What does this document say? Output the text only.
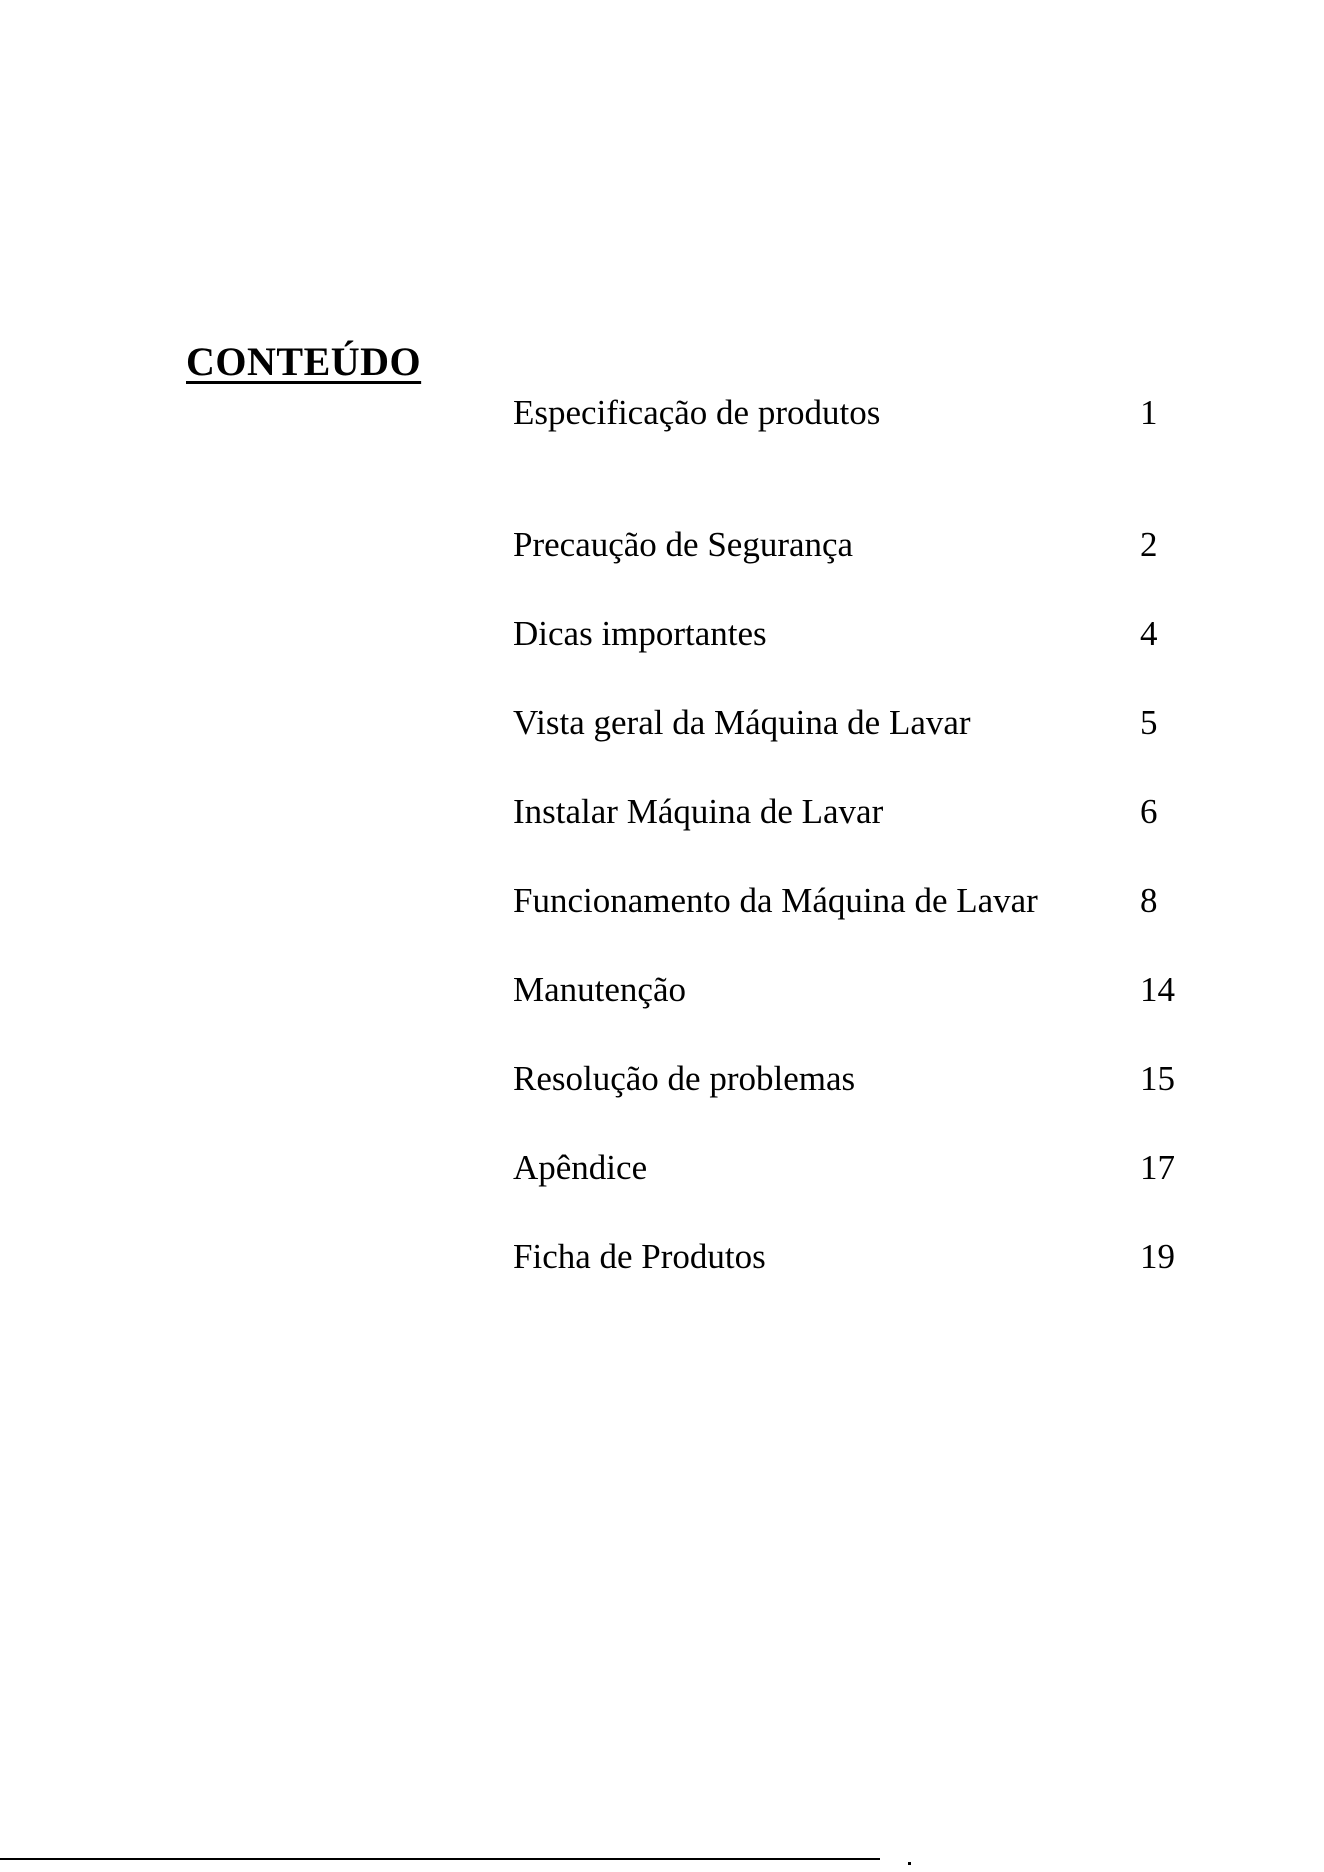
CONTEÚDO
Especificação de produtos	1
Precaução de Segurança	2
Dicas importantes	4
Vista geral da Máquina de Lavar	5
Instalar Máquina de Lavar	6
Funcionamento da Máquina de Lavar	8
Manutenção	14
Resolução de problemas	15
Apêndice	17
Ficha de Produtos	19
